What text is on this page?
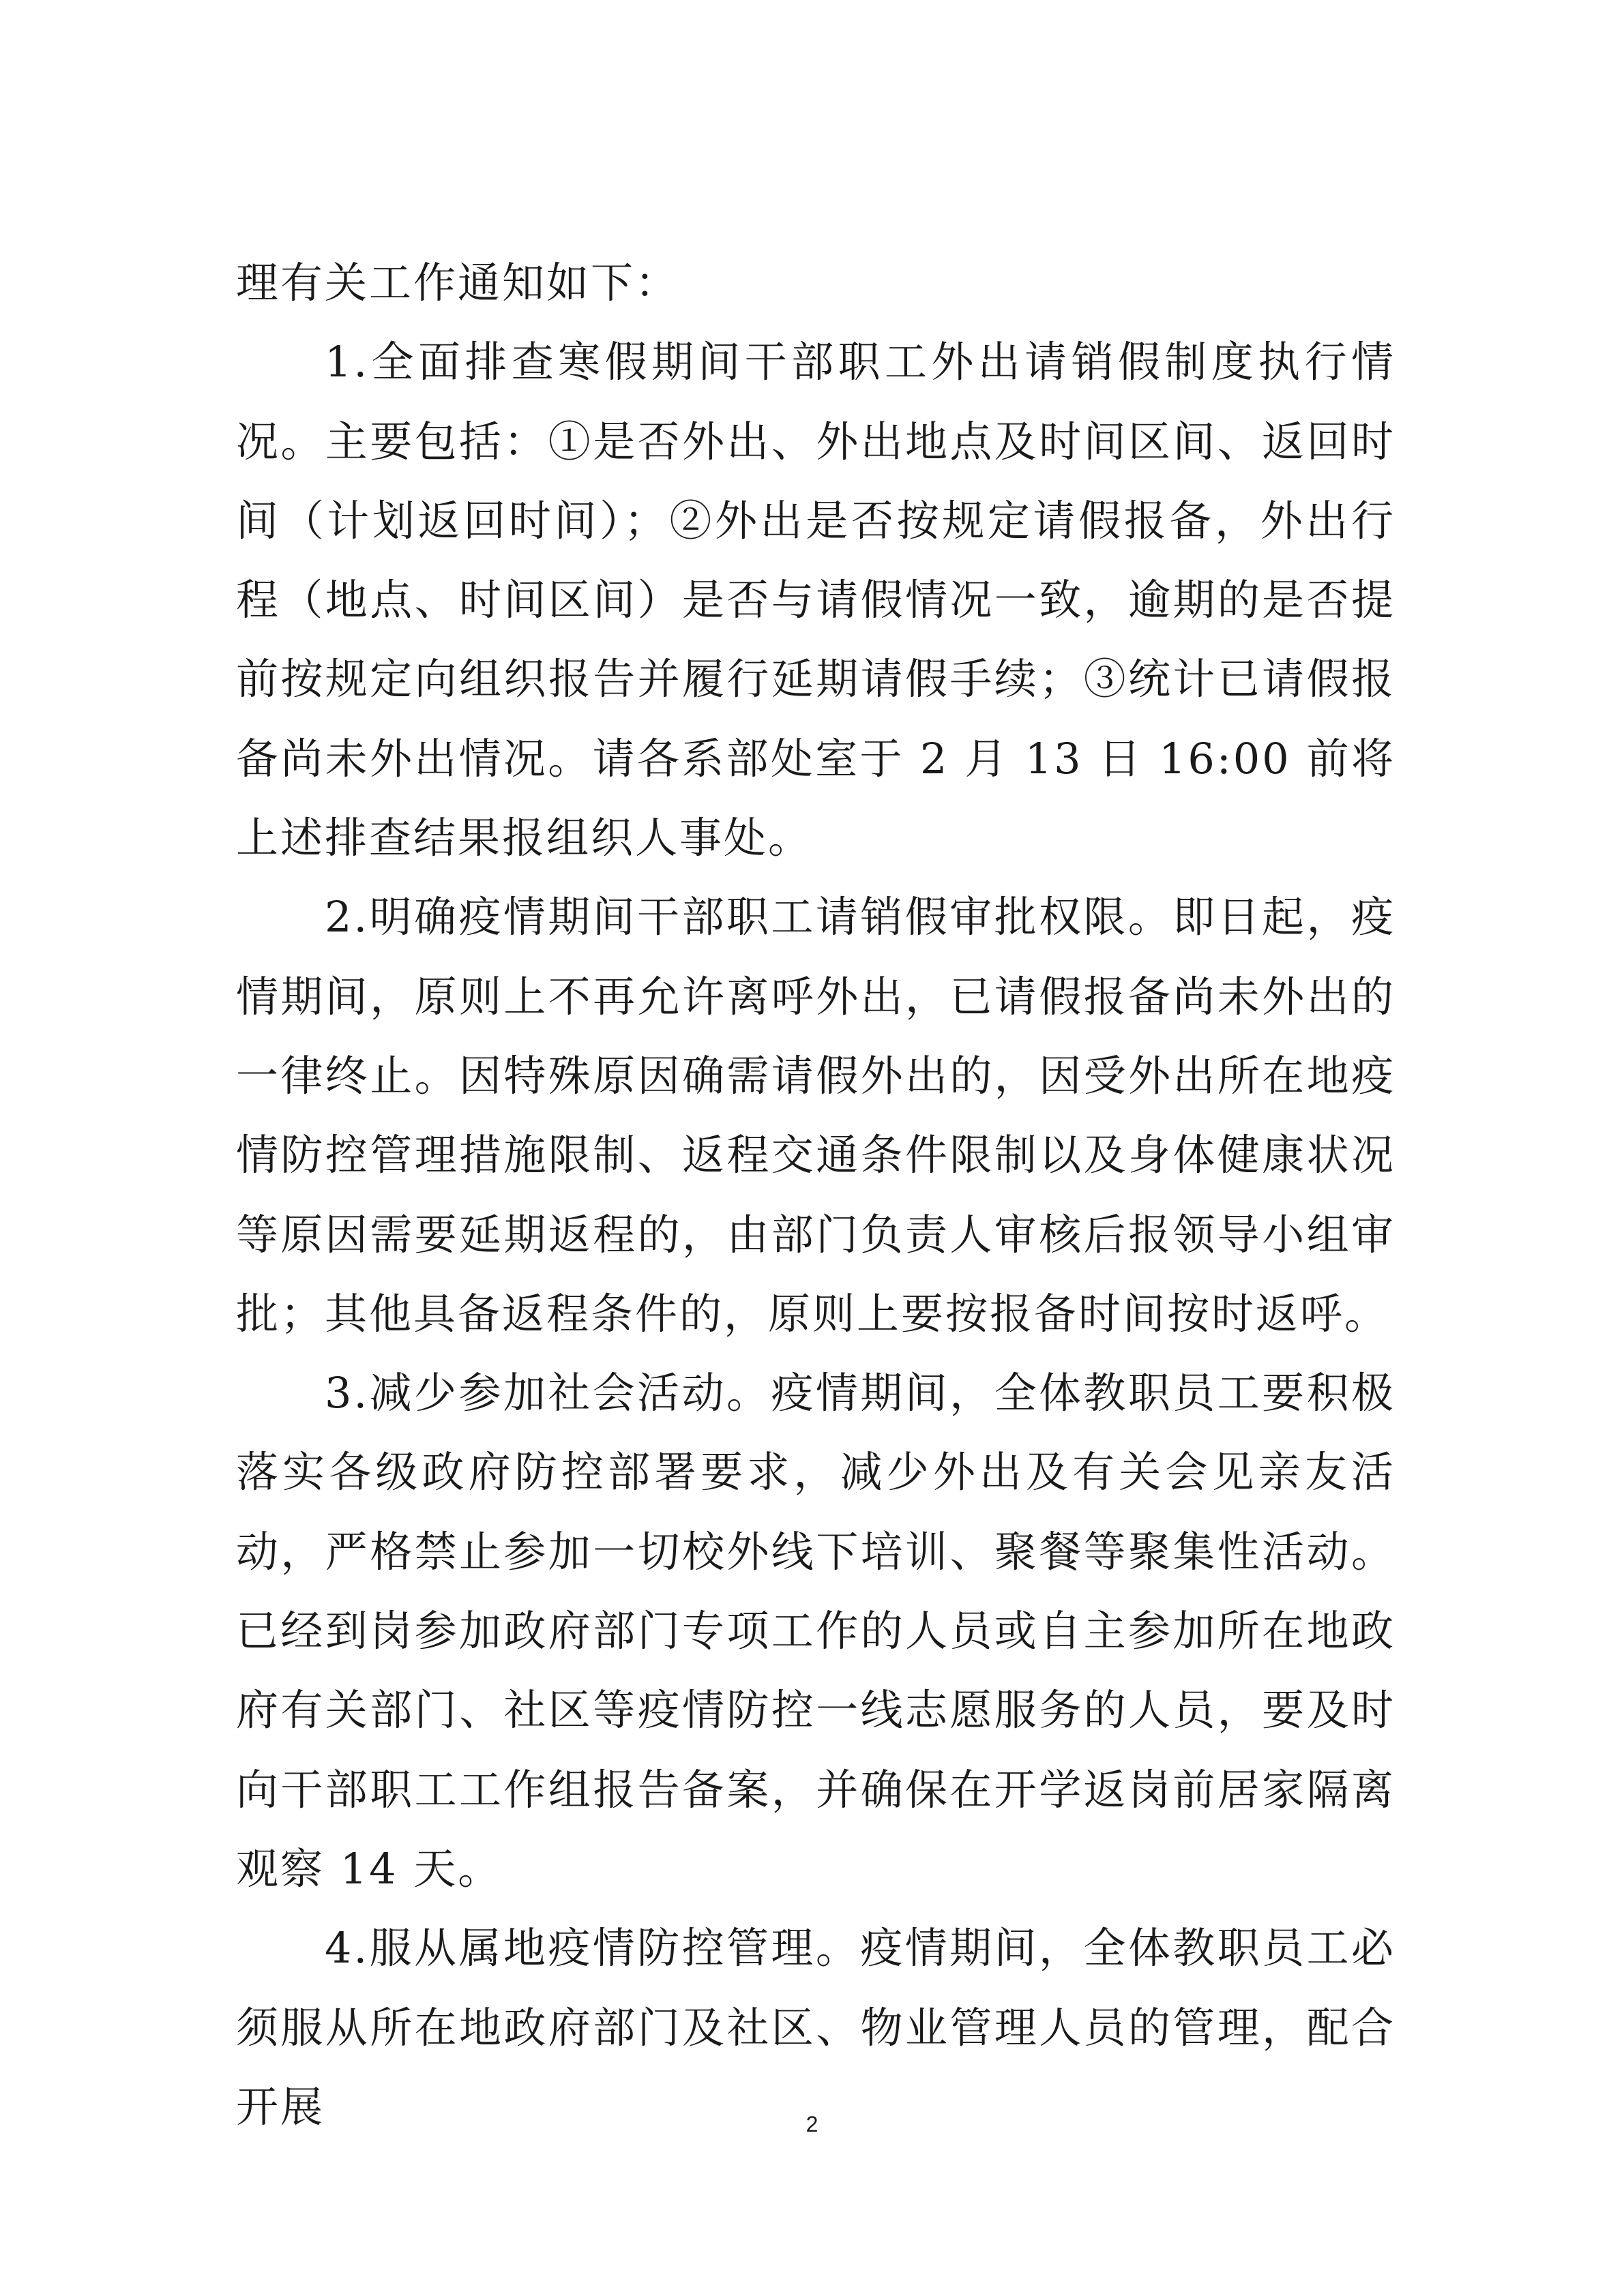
理有关工作通知如下：

1.全面排查寒假期间干部职工外出请销假制度执行情况。主要包括：①是否外出、外出地点及时间区间、返回时间（计划返回时间）；②外出是否按规定请假报备，外出行程（地点、时间区间）是否与请假情况一致，逾期的是否提前按规定向组织报告并履行延期请假手续；③统计已请假报备尚未外出情况。请各系部处室于 2 月 13 日 16:00 前将上述排查结果报组织人事处。

2.明确疫情期间干部职工请销假审批权限。即日起，疫情期间，原则上不再允许离呼外出，已请假报备尚未外出的一律终止。因特殊原因确需请假外出的，因受外出所在地疫情防控管理措施限制、返程交通条件限制以及身体健康状况等原因需要延期返程的，由部门负责人审核后报领导小组审批；其他具备返程条件的，原则上要按报备时间按时返呼。

3.减少参加社会活动。疫情期间，全体教职员工要积极落实各级政府防控部署要求，减少外出及有关会见亲友活动，严格禁止参加一切校外线下培训、聚餐等聚集性活动。已经到岗参加政府部门专项工作的人员或自主参加所在地政府有关部门、社区等疫情防控一线志愿服务的人员，要及时向干部职工工作组报告备案，并确保在开学返岗前居家隔离观察 14 天。

4.服从属地疫情防控管理。疫情期间，全体教职员工必须服从所在地政府部门及社区、物业管理人员的管理，配合开展	2
